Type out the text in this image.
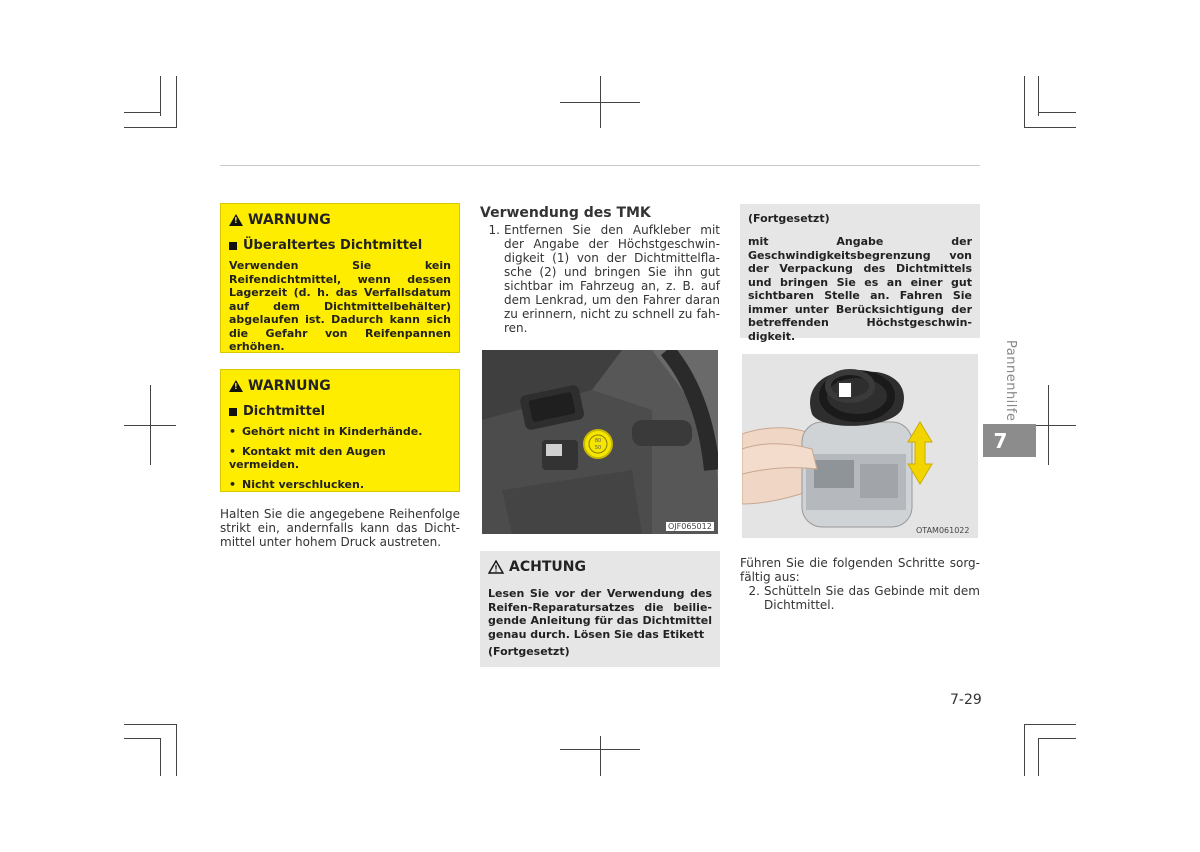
!
WARNUNG
Überaltertes Dichtmittel
Verwenden Sie kein Reifendichtmittel, wenn dessen Lagerzeit (d. h. das Verfallsdatum auf dem Dichtmittelbehälter) abgelaufen ist. Dadurch kann sich die Gefahr von Reifenpannen erhöhen.
!
WARNUNG
Dichtmittel
• Gehört nicht in Kinderhände.
• Kontakt mit den Augen vermeiden.
• Nicht verschlucken.

Halten Sie die angegebene Reihenfolge strikt ein, andernfalls kann das Dichtmittel unter hohem Druck austreten.

Verwendung des TMK
1. Entfernen Sie den Aufkleber mit der Angabe der Höchstgeschwindigkeit (1) von der Dichtmittelflasche (2) und bringen Sie ihn gut sichtbar im Fahrzeug an, z. B. auf dem Lenkrad, um den Fahrer daran zu erinnern, nicht zu schnell zu fahren.
80
50
OJF065012
ACHTUNG
Lesen Sie vor der Verwendung des Reifen-Reparatursatzes die beiliegende Anleitung für das Dichtmittel genau durch. Lösen Sie das Etikett
(Fortgesetzt)
(Fortgesetzt)
mit Angabe der Geschwindigkeitsbegrenzung von der Verpackung des Dichtmittels und bringen Sie es an einer gut sichtbaren Stelle an. Fahren Sie immer unter Berücksichtigung der betreffenden Höchstgeschwindigkeit.
OTAM061022

Führen Sie die folgenden Schritte sorgfältig aus:

2. Schütteln Sie das Gebinde mit dem Dichtmittel.
Pannenhilfe
7
7-29
